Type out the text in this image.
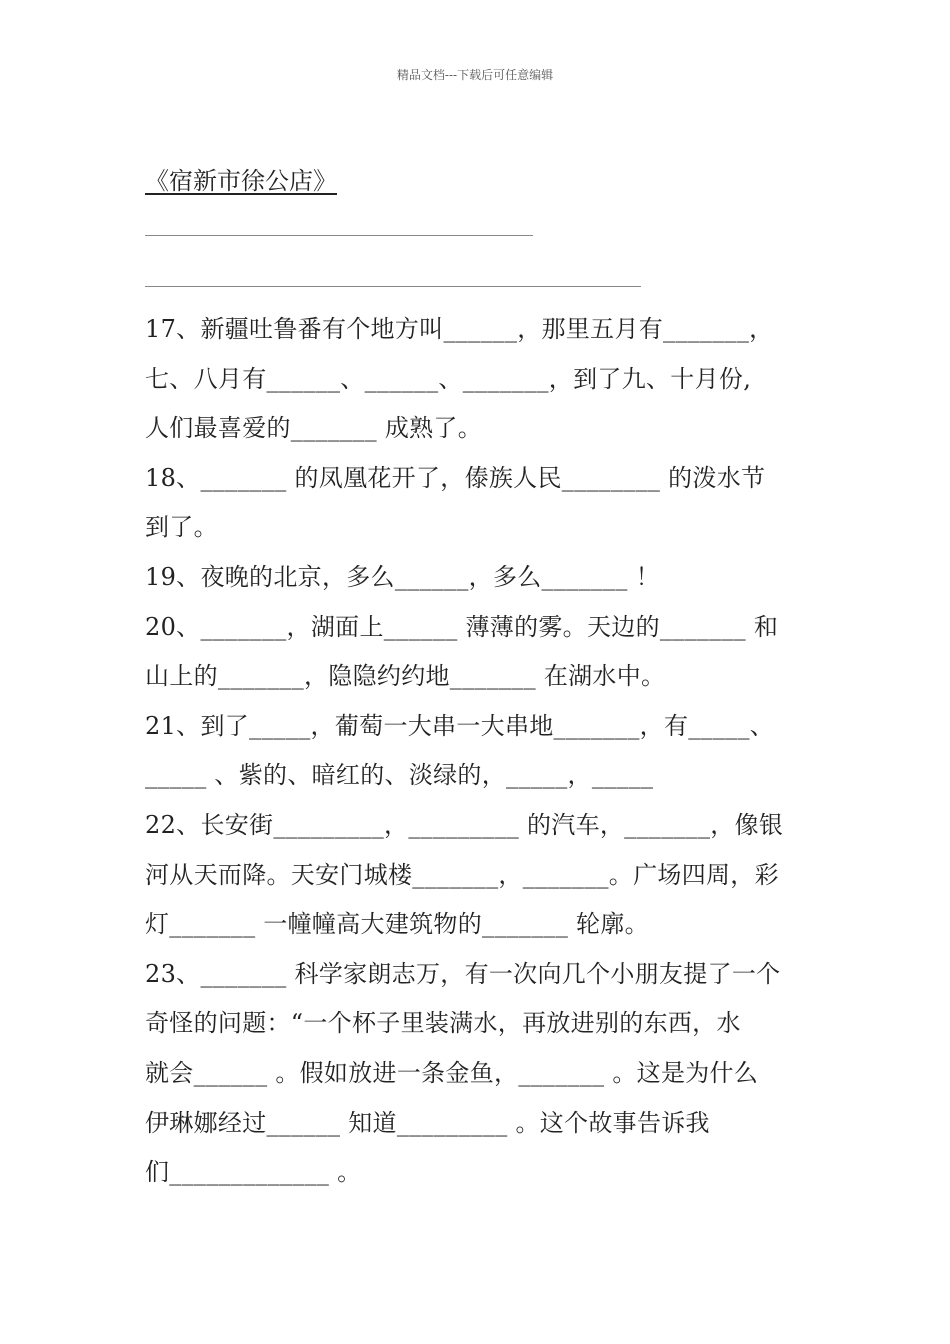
精品文档---下载后可任意编辑
《宿新市徐公店》
17、新疆吐鲁番有个地方叫______，那里五月有_______，
七、八月有______、______、_______，到了九、十月份,
人们最喜爱的_______ 成熟了。
18、_______ 的凤凰花开了，傣族人民________ 的泼水节
到了。
19、夜晚的北京，多么______，多么_______ ！
20、_______，湖面上______ 薄薄的雾。天边的_______ 和
山上的_______，隐隐约约地_______ 在湖水中。
21、到了_____，葡萄一大串一大串地_______，有_____、
_____ 、紫的、暗红的、淡绿的，_____，_____
22、长安街_________，_________ 的汽车，_______，像银
河从天而降。天安门城楼_______，_______。广场四周，彩
灯_______ 一幢幢高大建筑物的_______ 轮廓。
23、_______ 科学家朗志万，有一次向几个小朋友提了一个
奇怪的问题：“一个杯子里装满水，再放进别的东西，水
就会______ 。假如放进一条金鱼，_______ 。这是为什么
伊琳娜经过______ 知道_________ 。这个故事告诉我
们_____________ 。
